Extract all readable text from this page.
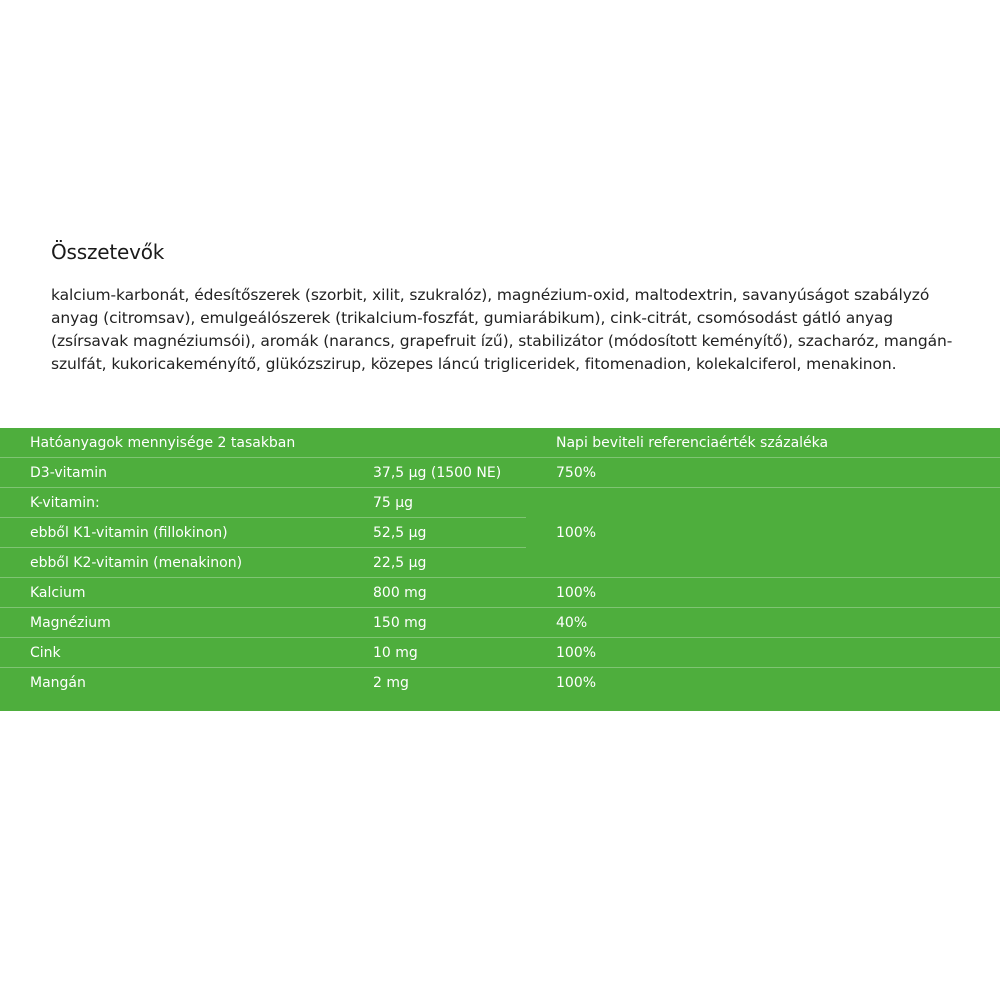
Összetevők

kalcium-karbonát, édesítőszerek (szorbit, xilit, szukralóz), magnézium-oxid, maltodextrin, savanyúságot szabályzó anyag (citromsav), emulgeálószerek (trikalcium-foszfát, gumiarábikum), cink-citrát, csomósodást gátló anyag (zsírsavak magnéziumsói), aromák (narancs, grapefruit ízű), stabilizátor (módosított keményítő), szacharóz, mangán-szulfát, kukoricakeményítő, glükózszirup, közepes láncú trigliceridek, fitomenadion, kolekalciferol, menakinon.

Hatóanyagok mennyisége 2 tasakban		Napi beviteli referenciaérték százaléka
D3-vitamin	37,5 µg (1500 NE)	750%
K-vitamin:	75 µg	100%
ebből K1-vitamin (fillokinon)	52,5 µg	
ebből K2-vitamin (menakinon)	22,5 µg	
Kalcium	800 mg	100%
Magnézium	150 mg	40%
Cink	10 mg	100%
Mangán	2 mg	100%
